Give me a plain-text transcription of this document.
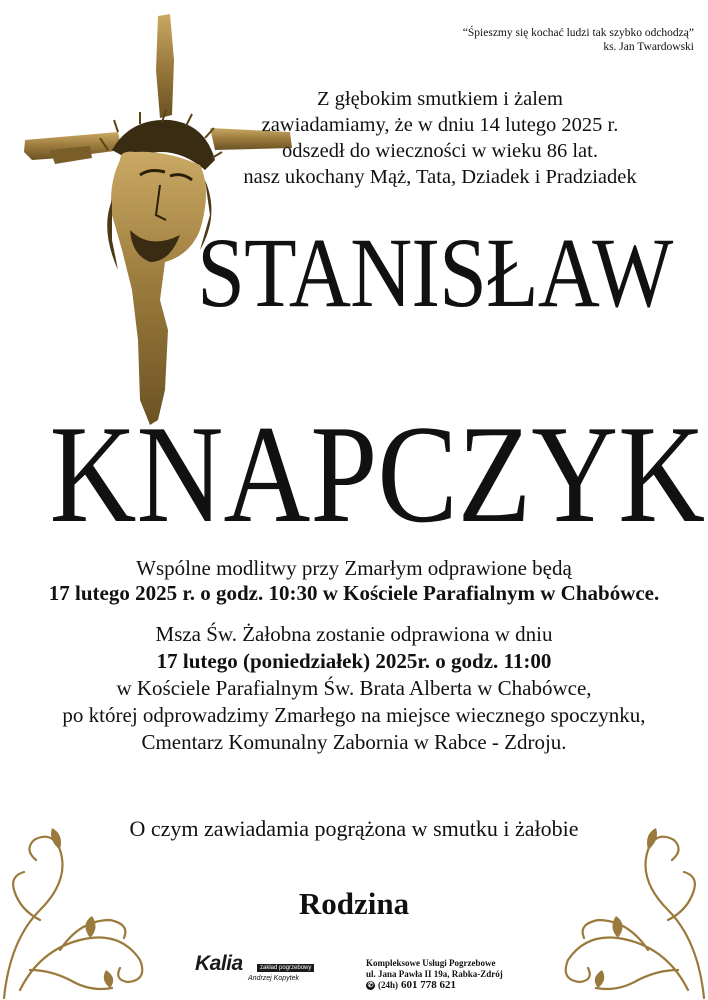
“Śpieszmy się kochać ludzi tak szybko odchodzą”
ks. Jan Twardowski
Z głębokim smutkiem i żalem
zawiadamiamy, że w dniu 14 lutego 2025 r.
odszedł do wieczności w wieku 86 lat.
nasz ukochany Mąż, Tata, Dziadek i Pradziadek
STANISŁAW
KNAPCZYK
Wspólne modlitwy przy Zmarłym odprawione będą
17 lutego 2025 r. o godz. 10:30 w Kościele Parafialnym w Chabówce.
Msza Św. Żаłobna zostanie odprawiona w dniu
17 lutego (poniedziałek) 2025r. o godz. 11:00
w Kościele Parafialnym Św. Brata Alberta w Chabówce,
po której odprowadzimy Zmarłego na miejsce wiecznego spoczynku,
Cmentarz Komunalny Zabornia w Rabce - Zdroju.
O czym zawiadamia pogrążona w smutku i żałobie
Rodzina
Kalia	zakład pogrzebowy
Andrzej Kopytek
Kompleksowe Usługi Pogrzebowe
ul. Jana Pawła II 19a, Rabka-Zdrój
✆ (24h) 601 778 621
